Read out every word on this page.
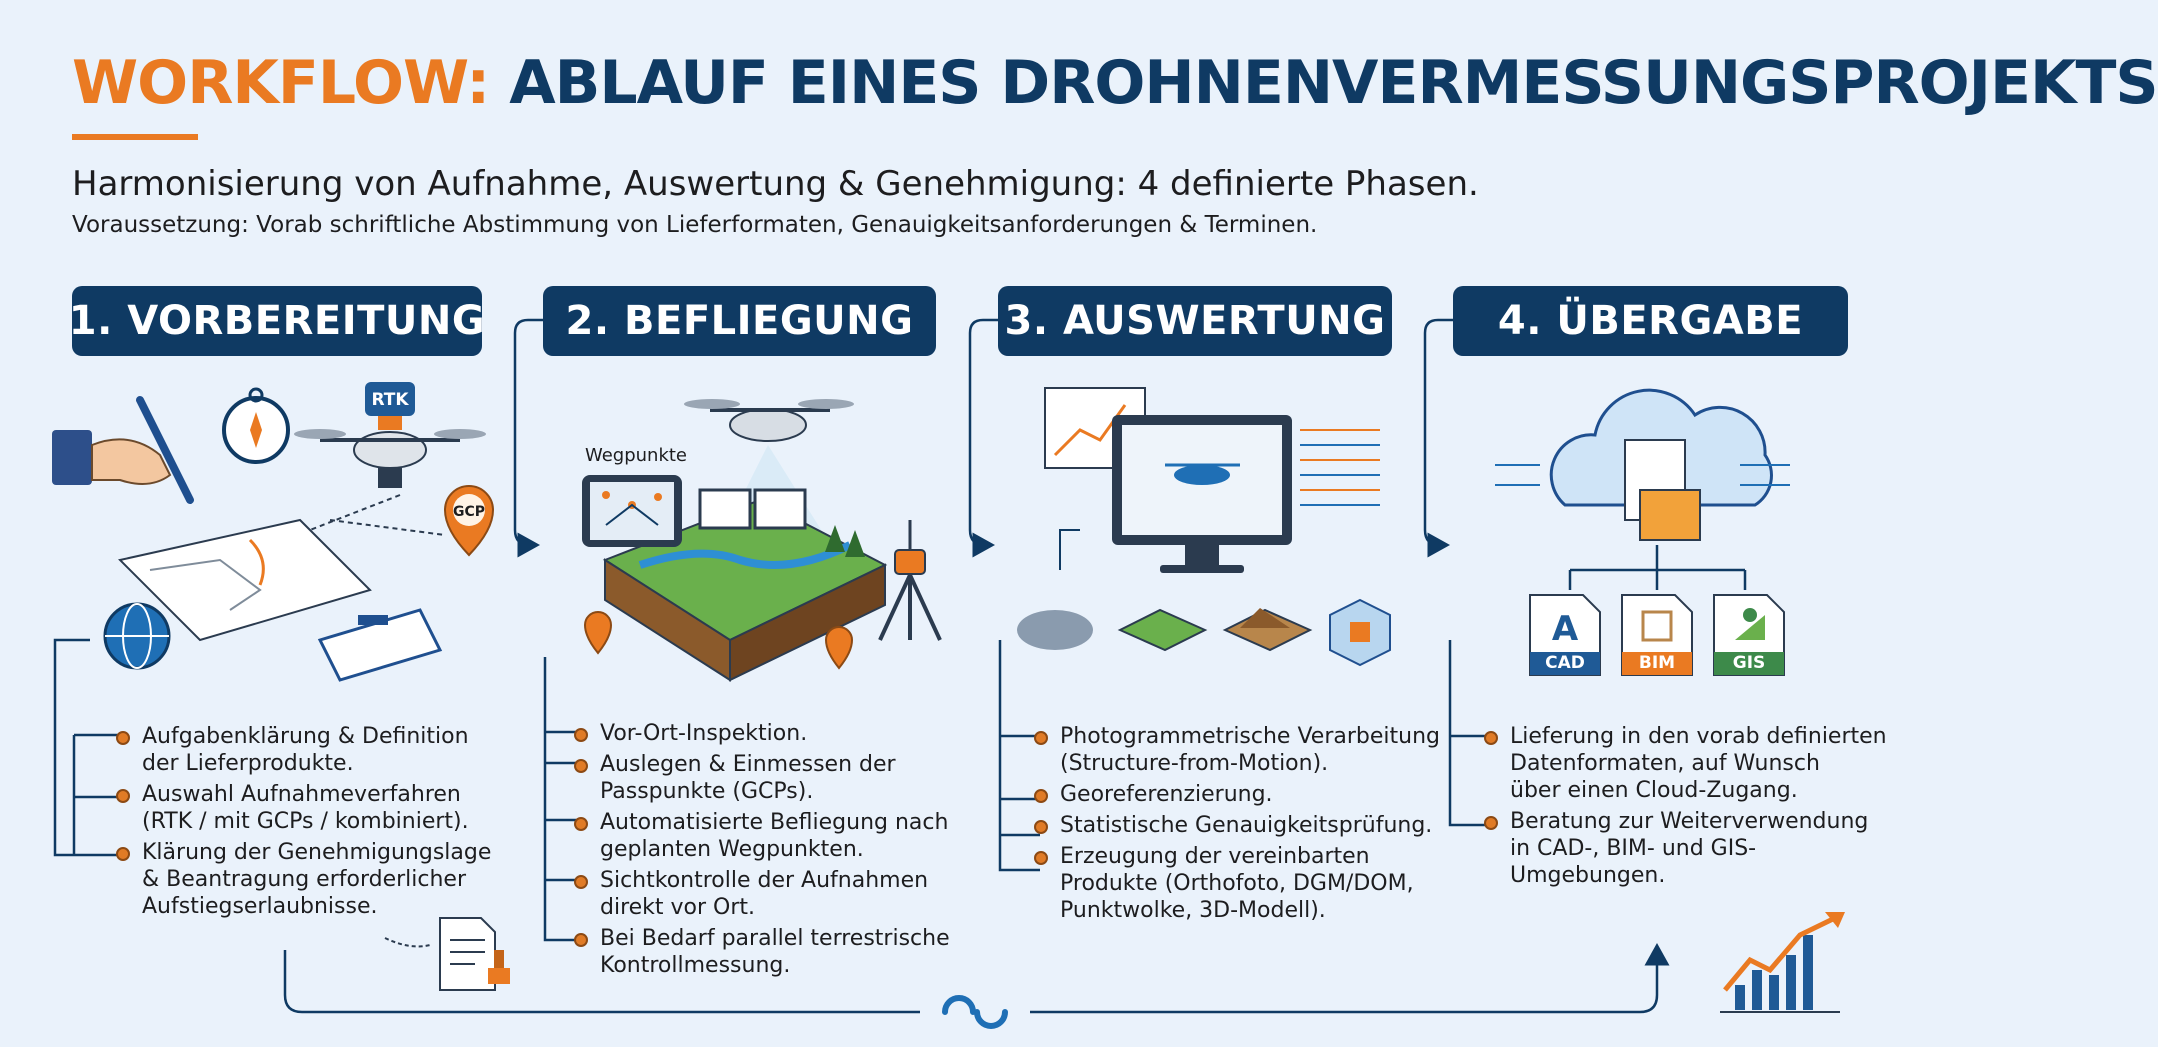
WORKFLOW: ABLAUF EINES DROHNENVERMESSUNGSPROJEKTS
Harmonisierung von Aufnahme, Auswertung & Genehmigung: 4 definierte Phasen.
Voraussetzung: Vorab schriftliche Abstimmung von Lieferformaten, Genauigkeitsanforderungen & Terminen.
1. VORBEREITUNG	2. BEFLIEGUNG	3. AUSWERTUNG	4. ÜBERGABE
RTK
GCP
Wegpunkte
A
CAD	BIM	GIS
Aufgabenklärung & Definition
der Lieferprodukte.
Auswahl Aufnahmeverfahren
(RTK / mit GCPs / kombiniert).
Klärung der Genehmigungslage
& Beantragung erforderlicher
Aufstiegserlaubnisse.
Vor-Ort-Inspektion.
Auslegen & Einmessen der
Passpunkte (GCPs).
Automatisierte Befliegung nach
geplanten Wegpunkten.
Sichtkontrolle der Aufnahmen
direkt vor Ort.
Bei Bedarf parallel terrestrische
Kontrollmessung.
Photogrammetrische Verarbeitung
(Structure-from-Motion).
Georeferenzierung.
Statistische Genauigkeitsprüfung.
Erzeugung der vereinbarten
Produkte (Orthofoto, DGM/DOM,
Punktwolke, 3D-Modell).
Lieferung in den vorab definierten
Datenformaten, auf Wunsch
über einen Cloud-Zugang.
Beratung zur Weiterverwendung
in CAD-, BIM- und GIS-
Umgebungen.
